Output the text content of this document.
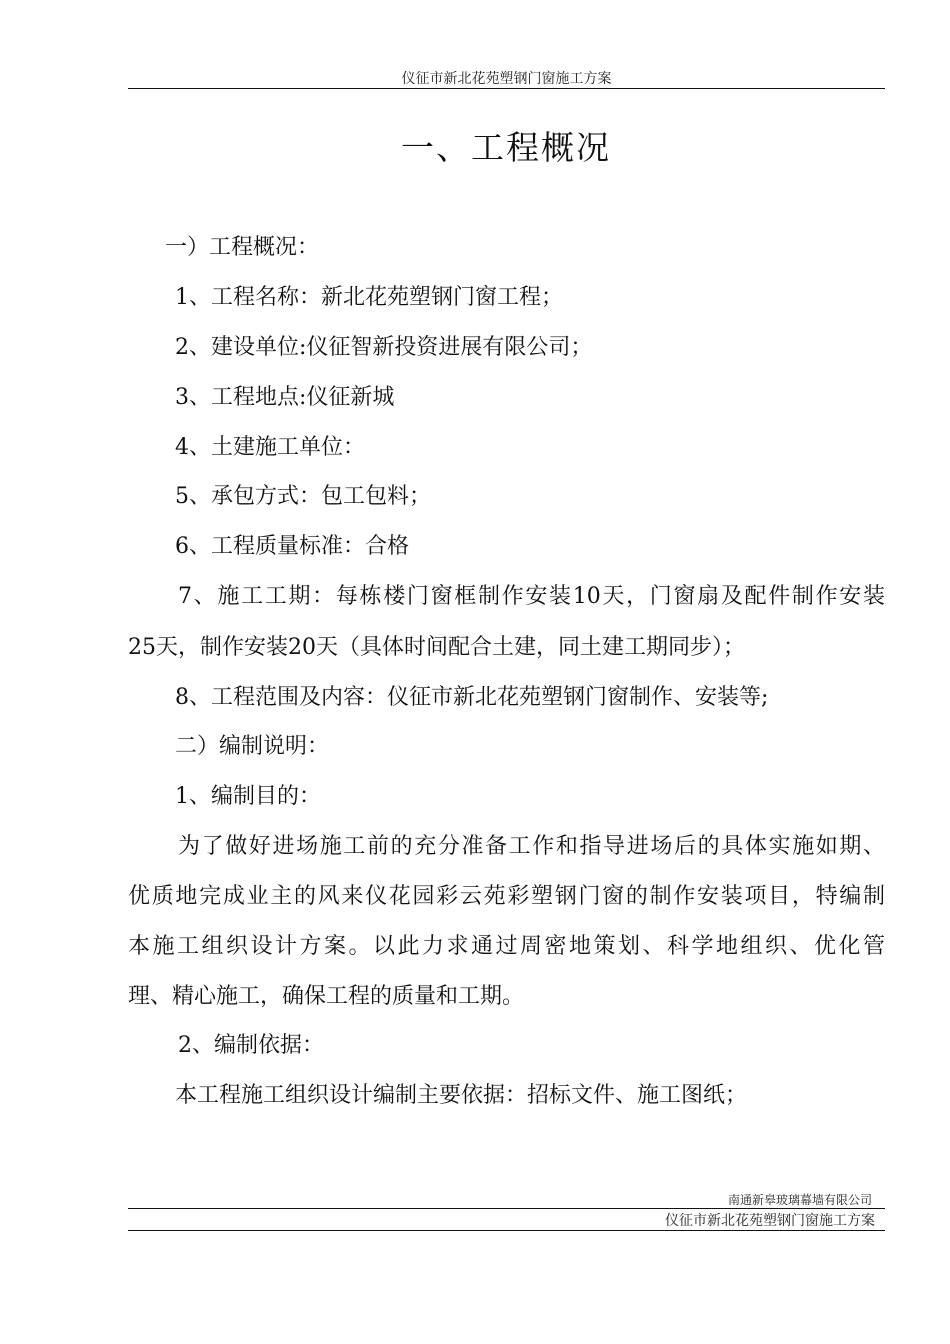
仪征市新北花苑塑钢门窗施工方案
一、工程概况
一）工程概况：
1、工程名称：新北花苑塑钢门窗工程；
2、建设单位:仪征智新投资进展有限公司；
3、工程地点:仪征新城
4、土建施工单位：
5、承包方式：包工包料；
6、工程质量标准：合格
7、施工工期：每栋楼门窗框制作安装10天，门窗扇及配件制作安装
25天，制作安装20天（具体时间配合土建，同土建工期同步）；
8、工程范围及内容：仪征市新北花苑塑钢门窗制作、安装等;
二）编制说明：
1、编制目的：
为了做好进场施工前的充分准备工作和指导进场后的具体实施如期、
优质地完成业主的风来仪花园彩云苑彩塑钢门窗的制作安装项目，特编制
本施工组织设计方案。以此力求通过周密地策划、科学地组织、优化管
理、精心施工，确保工程的质量和工期。
2、编制依据：
本工程施工组织设计编制主要依据：招标文件、施工图纸；
南通新皋玻璃幕墙有限公司
仪征市新北花苑塑钢门窗施工方案
